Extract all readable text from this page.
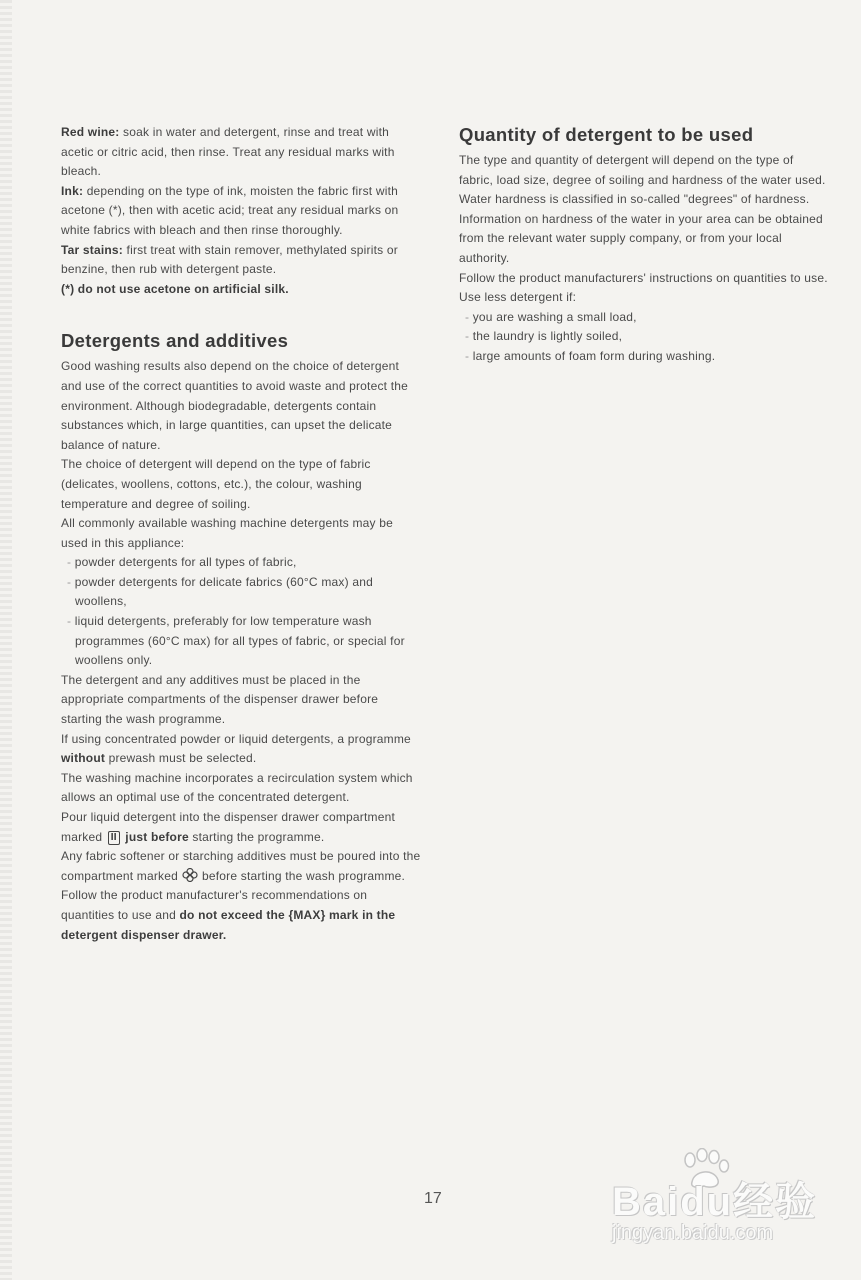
Red wine: soak in water and detergent, rinse and treat with acetic or citric acid, then rinse. Treat any residual marks with bleach.

Ink: depending on the type of ink, moisten the fabric first with acetone (*), then with acetic acid; treat any residual marks on white fabrics with bleach and then rinse thoroughly.

Tar stains: first treat with stain remover, methylated spirits or benzine, then rub with detergent paste.

(*) do not use acetone on artificial silk.

Detergents and additives

Good washing results also depend on the choice of detergent and use of the correct quantities to avoid waste and protect the environment. Although biodegradable, detergents contain substances which, in large quantities, can upset the delicate balance of nature.

The choice of detergent will depend on the type of fabric (delicates, woollens, cottons, etc.), the colour, washing temperature and degree of soiling.

All commonly available washing machine detergents may be used in this appliance:

- powder detergents for all types of fabric,

- powder detergents for delicate fabrics (60°C max) and woollens,

- liquid detergents, preferably for low temperature wash programmes (60°C max) for all types of fabric, or special for woollens only.

The detergent and any additives must be placed in the appropriate compartments of the dispenser drawer before starting the wash programme.

If using concentrated powder or liquid detergents, a programme without prewash must be selected.

The washing machine incorporates a recirculation system which allows an optimal use of the concentrated detergent.

Pour liquid detergent into the dispenser drawer compartment marked II just before starting the programme.

Any fabric softener or starching additives must be poured into the compartment marked before starting the wash programme.

Follow the product manufacturer's recommendations on quantities to use and do not exceed the {MAX} mark in the detergent dispenser drawer.

Quantity of detergent to be used

The type and quantity of detergent will depend on the type of fabric, load size, degree of soiling and hardness of the water used.

Water hardness is classified in so-called "degrees" of hardness. Information on hardness of the water in your area can be obtained from the relevant water supply company, or from your local authority.

Follow the product manufacturers' instructions on quantities to use.

Use less detergent if:

- you are washing a small load,

- the laundry is lightly soiled,

- large amounts of foam form during washing.

17	Baidu经验
jingyan.baidu.com
